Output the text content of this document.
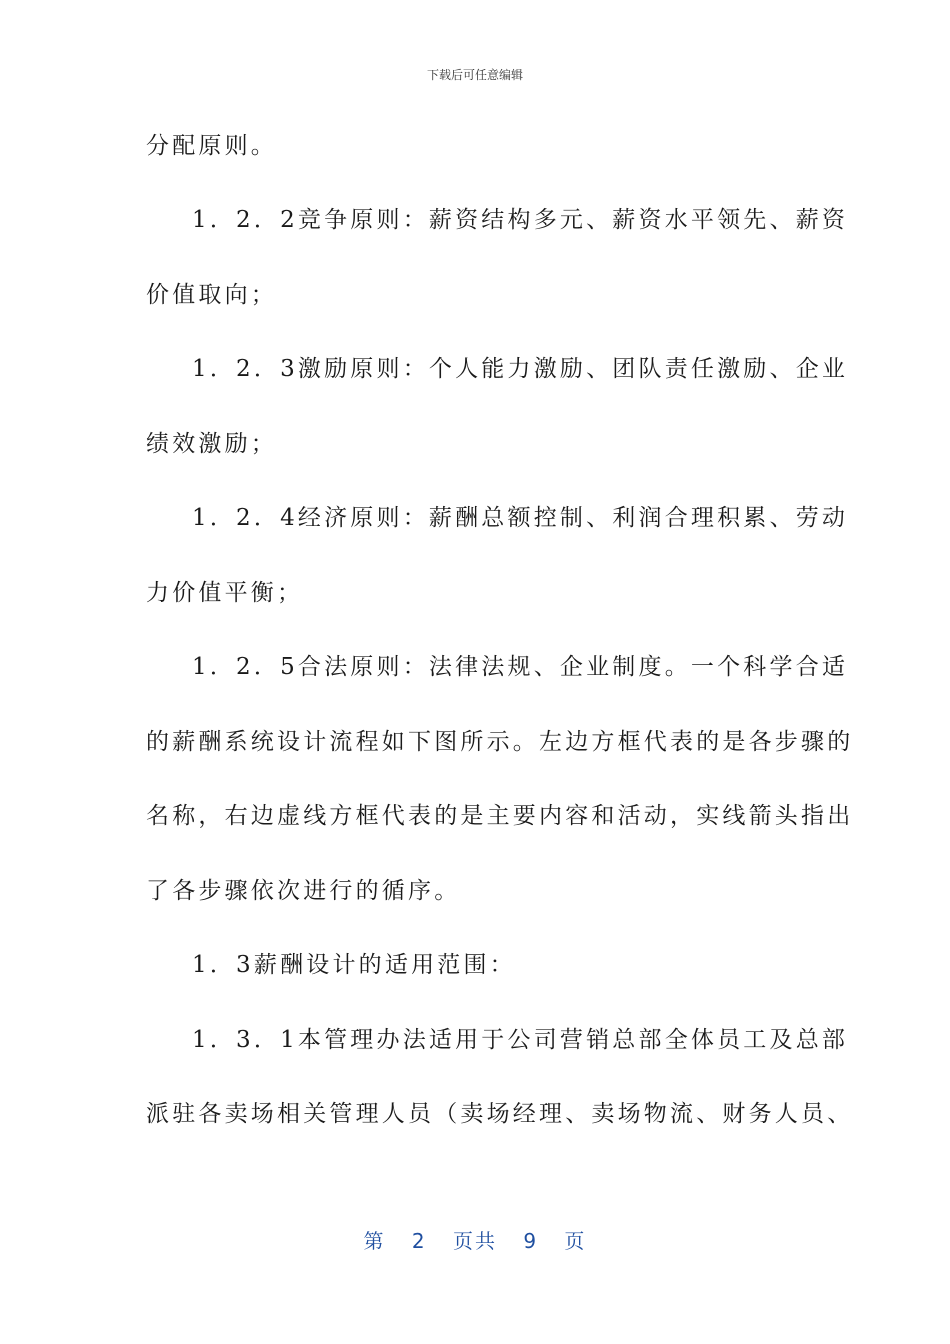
下载后可任意编辑
分配原则。
1．2．2竞争原则：薪资结构多元、薪资水平领先、薪资
价值取向；
1．2．3激励原则：个人能力激励、团队责任激励、企业
绩效激励；
1．2．4经济原则：薪酬总额控制、利润合理积累、劳动
力价值平衡；
1．2．5合法原则：法律法规、企业制度。一个科学合适
的薪酬系统设计流程如下图所示。左边方框代表的是各步骤的
名称，右边虚线方框代表的是主要内容和活动，实线箭头指出
了各步骤依次进行的循序。
1．3薪酬设计的适用范围：
1．3．1本管理办法适用于公司营销总部全体员工及总部
派驻各卖场相关管理人员（卖场经理、卖场物流、财务人员、
第 2 页共 9 页
